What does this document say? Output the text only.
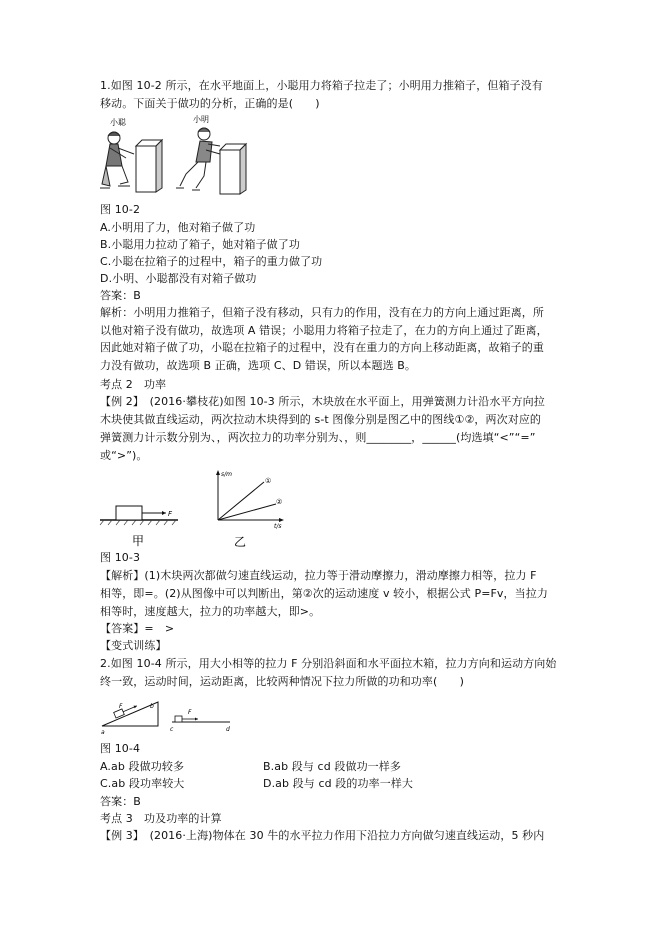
1.如图 10-2 所示，在水平地面上，小聪用力将箱子拉走了；小明用力推箱子，但箱子没有
移动。下面关于做功的分析，正确的是(　　)
小聪	小明
图 10-2
A.小明用了力，他对箱子做了功
B.小聪用力拉动了箱子，她对箱子做了功
C.小聪在拉箱子的过程中，箱子的重力做了功
D.小明、小聪都没有对箱子做功
答案：B
解析：小明用力推箱子，但箱子没有移动，只有力的作用，没有在力的方向上通过距离，所
以他对箱子没有做功，故选项 A 错误；小聪用力将箱子拉走了，在力的方向上通过了距离，
因此她对箱子做了功，小聪在拉箱子的过程中，没有在重力的方向上移动距离，故箱子的重
力没有做功，故选项 B 正确，选项 C、D 错误，所以本题选 B。
考点 2　功率
【例 2】　(2016·攀枝花)如图 10-3 所示，木块放在水平面上，用弹簧测力计沿水平方向拉
木块使其做直线运动，两次拉动木块得到的 s-t 图像分别是图乙中的图线①②，两次对应的
弹簧测力计示数分别为、，两次拉力的功率分别为、，则________，______(均选填“<”“=”
或“>”)。
F
甲
s/m
t/s
①
②
乙
图 10-3
【解析】(1)木块两次都做匀速直线运动，拉力等于滑动摩擦力，滑动摩擦力相等，拉力 F
相等，即=。(2)从图像中可以判断出，第②次的运动速度 v 较小，根据公式 P=Fv，当拉力
相等时，速度越大，拉力的功率越大，即>。
【答案】=　>
【变式训练】
2.如图 10-4 所示，用大小相等的拉力 F 分别沿斜面和水平面拉木箱，拉力方向和运动方向始
终一致，运动时间，运动距离，比较两种情况下拉力所做的功和功率(　　)
F
a
b
F
c	d
图 10-4
A.ab 段做功较多	B.ab 段与 cd 段做功一样多
C.ab 段功率较大	D.ab 段与 cd 段的功率一样大
答案：B
考点 3　功及功率的计算
【例 3】　(2016·上海)物体在 30 牛的水平拉力作用下沿拉力方向做匀速直线运动，5 秒内
